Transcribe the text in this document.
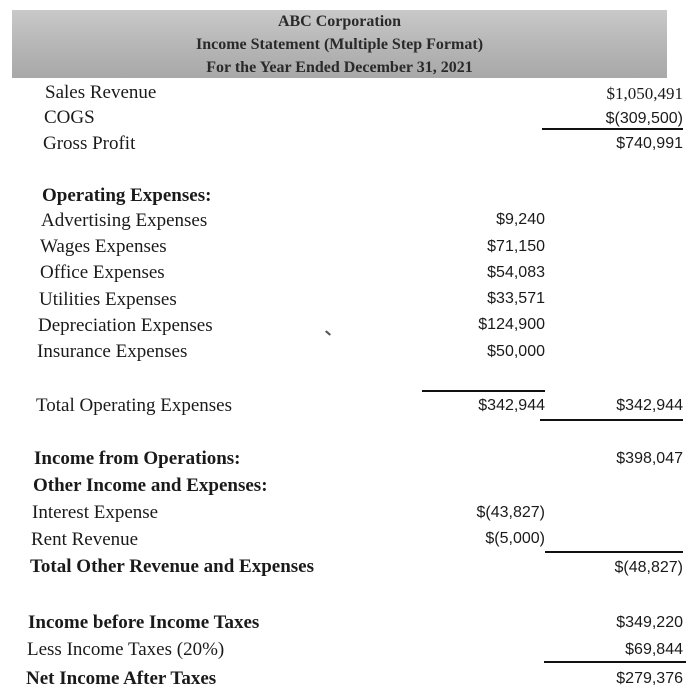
ABC Corporation
Income Statement (Multiple Step Format)
For the Year Ended December 31, 2021
Sales Revenue	$1,050,491
COGS	$(309,500)
Gross Profit	$740,991
Operating Expenses:
Advertising Expenses	$9,240
Wages Expenses	$71,150
Office Expenses	$54,083
Utilities Expenses	$33,571
Depreciation Expenses	$124,900
Insurance Expenses	$50,000
Total Operating Expenses	$342,944	$342,944
Income from Operations:	$398,047
Other Income and Expenses:
Interest Expense	$(43,827)
Rent Revenue	$(5,000)
Total Other Revenue and Expenses	$(48,827)
Income before Income Taxes	$349,220
Less Income Taxes (20%)	$69,844
Net Income After Taxes	$279,376
